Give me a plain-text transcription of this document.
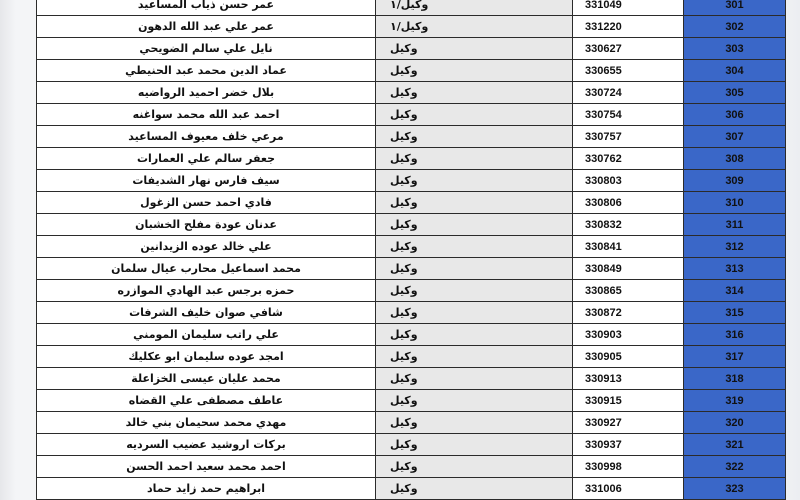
عمر حسن ذياب المساعيد	وكيل/١	331049	301
عمر علي عبد الله الدهون	وكيل/١	331220	302
نايل علي سالم الضويحي	وكيل	330627	303
عماد الدين محمد عبد الحنيطي	وكيل	330655	304
بلال خضر احميد الرواضيه	وكيل	330724	305
احمد عبد الله محمد سواغنه	وكيل	330754	306
مرعي خلف معيوف المساعيد	وكيل	330757	307
جعفر سالم علي العمارات	وكيل	330762	308
سيف فارس نهار الشديفات	وكيل	330803	309
فادي احمد حسن الزغول	وكيل	330806	310
عدنان عودة مفلح الخشبان	وكيل	330832	311
علي خالد عوده الزيدانين	وكيل	330841	312
محمد اسماعيل محارب عيال سلمان	وكيل	330849	313
حمزه برجس عبد الهادي الموازره	وكيل	330865	314
شافي صوان خليف الشرفات	وكيل	330872	315
علي راتب سليمان المومني	وكيل	330903	316
امجد عوده سليمان ابو عكليك	وكيل	330905	317
محمد عليان عيسى الخزاعلة	وكيل	330913	318
عاطف مصطفى علي القضاه	وكيل	330915	319
مهدي محمد سحيمان بني خالد	وكيل	330927	320
بركات اروشيد عضيب السرديه	وكيل	330937	321
احمد محمد سعيد احمد الحسن	وكيل	330998	322
ابراهيم حمد زايد حماد	وكيل	331006	323
